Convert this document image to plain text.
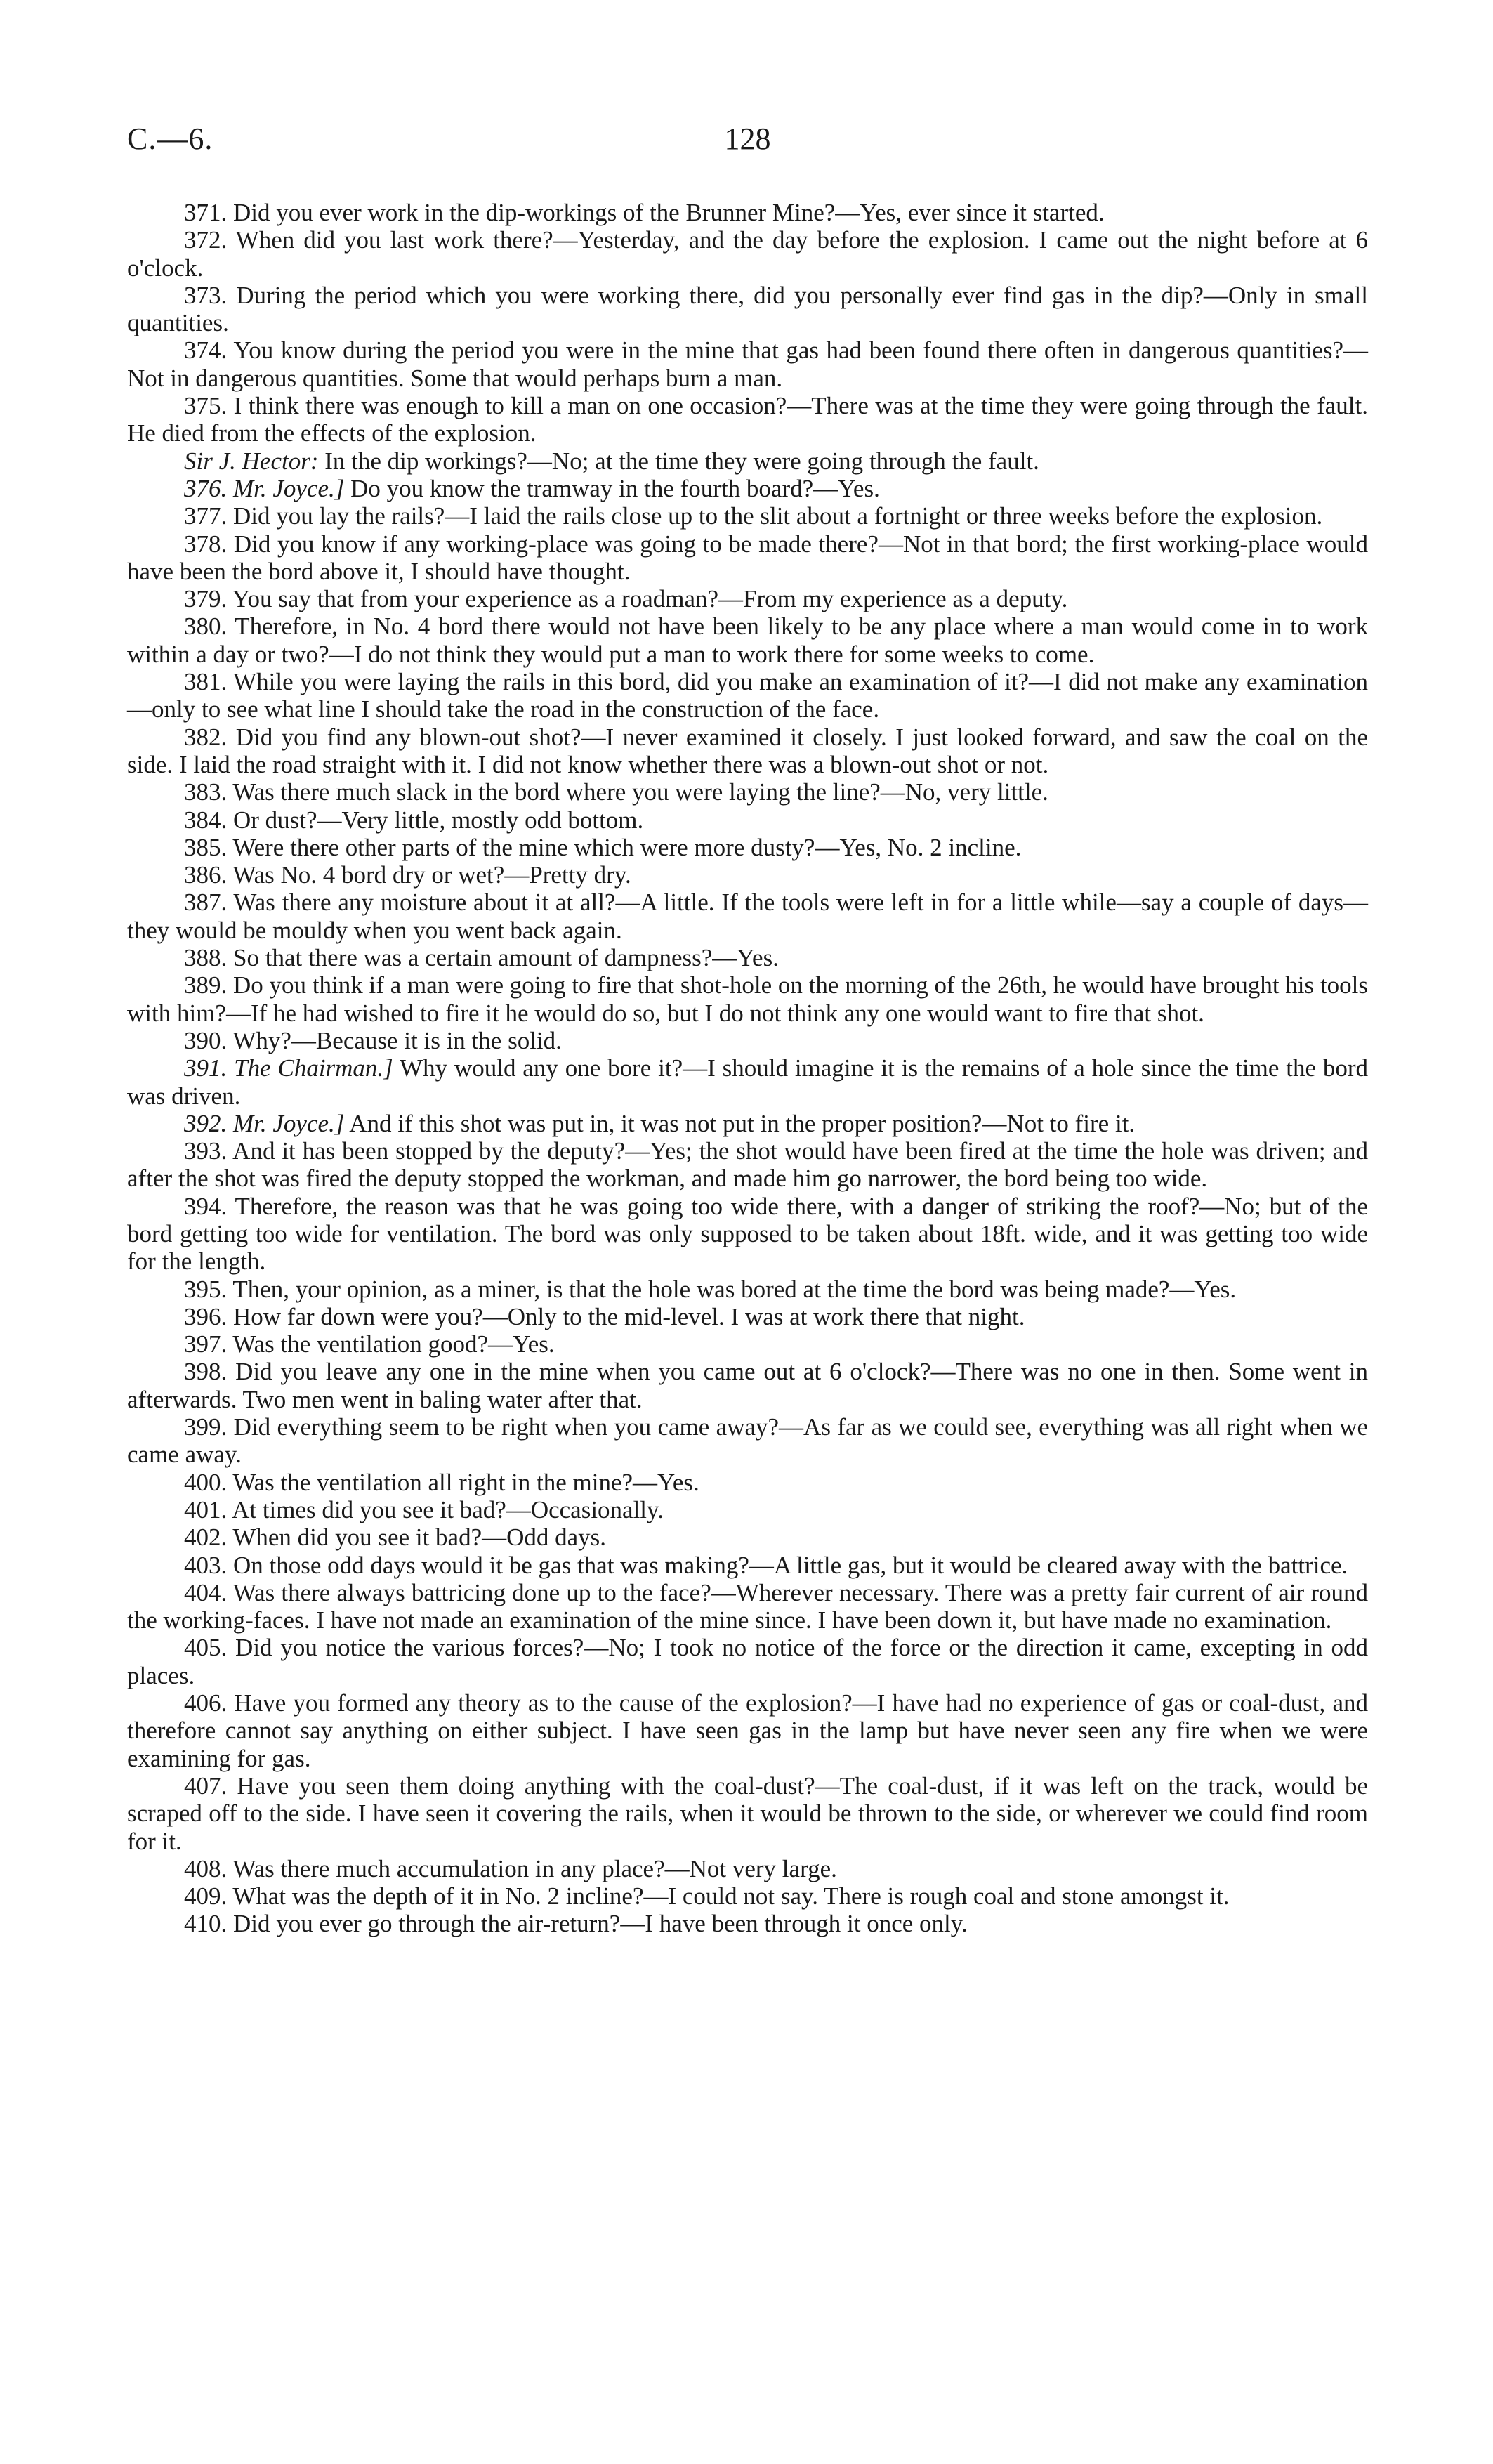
C.—6.	128

371. Did you ever work in the dip-workings of the Brunner Mine?—Yes, ever since it started.

372. When did you last work there?—Yesterday, and the day before the explosion. I came out the night before at 6 o'clock.

373. During the period which you were working there, did you personally ever find gas in the dip?—Only in small quantities.

374. You know during the period you were in the mine that gas had been found there often in dangerous quantities?—Not in dangerous quantities. Some that would perhaps burn a man.

375. I think there was enough to kill a man on one occasion?—There was at the time they were going through the fault. He died from the effects of the explosion.

Sir J. Hector: In the dip workings?—No; at the time they were going through the fault.

376. Mr. Joyce.] Do you know the tramway in the fourth board?—Yes.

377. Did you lay the rails?—I laid the rails close up to the slit about a fortnight or three weeks before the explosion.

378. Did you know if any working-place was going to be made there?—Not in that bord; the first working-place would have been the bord above it, I should have thought.

379. You say that from your experience as a roadman?—From my experience as a deputy.

380. Therefore, in No. 4 bord there would not have been likely to be any place where a man would come in to work within a day or two?—I do not think they would put a man to work there for some weeks to come.

381. While you were laying the rails in this bord, did you make an examination of it?—I did not make any examination—only to see what line I should take the road in the construction of the face.

382. Did you find any blown-out shot?—I never examined it closely. I just looked forward, and saw the coal on the side. I laid the road straight with it. I did not know whether there was a blown-out shot or not.

383. Was there much slack in the bord where you were laying the line?—No, very little.

384. Or dust?—Very little, mostly odd bottom.

385. Were there other parts of the mine which were more dusty?—Yes, No. 2 incline.

386. Was No. 4 bord dry or wet?—Pretty dry.

387. Was there any moisture about it at all?—A little. If the tools were left in for a little while—say a couple of days—they would be mouldy when you went back again.

388. So that there was a certain amount of dampness?—Yes.

389. Do you think if a man were going to fire that shot-hole on the morning of the 26th, he would have brought his tools with him?—If he had wished to fire it he would do so, but I do not think any one would want to fire that shot.

390. Why?—Because it is in the solid.

391. The Chairman.] Why would any one bore it?—I should imagine it is the remains of a hole since the time the bord was driven.

392. Mr. Joyce.] And if this shot was put in, it was not put in the proper position?—Not to fire it.

393. And it has been stopped by the deputy?—Yes; the shot would have been fired at the time the hole was driven; and after the shot was fired the deputy stopped the workman, and made him go narrower, the bord being too wide.

394. Therefore, the reason was that he was going too wide there, with a danger of striking the roof?—No; but of the bord getting too wide for ventilation. The bord was only supposed to be taken about 18ft. wide, and it was getting too wide for the length.

395. Then, your opinion, as a miner, is that the hole was bored at the time the bord was being made?—Yes.

396. How far down were you?—Only to the mid-level. I was at work there that night.

397. Was the ventilation good?—Yes.

398. Did you leave any one in the mine when you came out at 6 o'clock?—There was no one in then. Some went in afterwards. Two men went in baling water after that.

399. Did everything seem to be right when you came away?—As far as we could see, everything was all right when we came away.

400. Was the ventilation all right in the mine?—Yes.

401. At times did you see it bad?—Occasionally.

402. When did you see it bad?—Odd days.

403. On those odd days would it be gas that was making?—A little gas, but it would be cleared away with the battrice.

404. Was there always battricing done up to the face?—Wherever necessary. There was a pretty fair current of air round the working-faces. I have not made an examination of the mine since. I have been down it, but have made no examination.

405. Did you notice the various forces?—No; I took no notice of the force or the direction it came, excepting in odd places.

406. Have you formed any theory as to the cause of the explosion?—I have had no experience of gas or coal-dust, and therefore cannot say anything on either subject. I have seen gas in the lamp but have never seen any fire when we were examining for gas.

407. Have you seen them doing anything with the coal-dust?—The coal-dust, if it was left on the track, would be scraped off to the side. I have seen it covering the rails, when it would be thrown to the side, or wherever we could find room for it.

408. Was there much accumulation in any place?—Not very large.

409. What was the depth of it in No. 2 incline?—I could not say. There is rough coal and stone amongst it.

410. Did you ever go through the air-return?—I have been through it once only.
